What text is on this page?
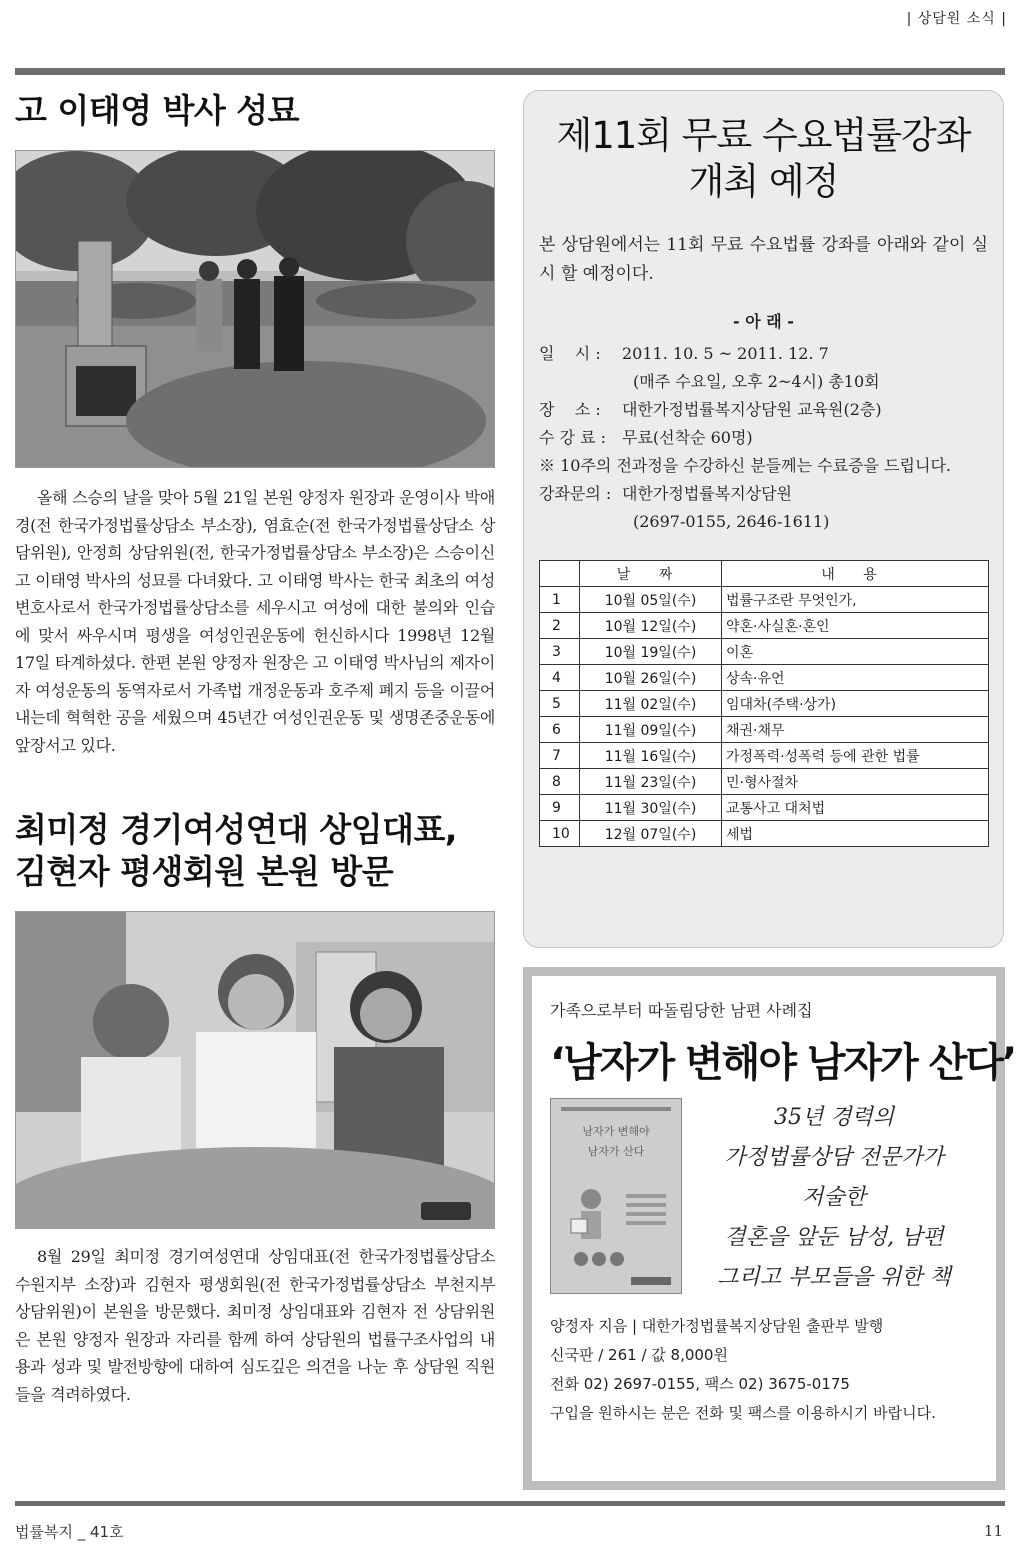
| 상담원 소식 |
고 이태영 박사 성묘

올해 스승의 날을 맞아 5월 21일 본원 양정자 원장과 운영이사 박애경(전 한국가정법률상담소 부소장), 염효순(전 한국가정법률상담소 상담위원), 안정희 상담위원(전, 한국가정법률상담소 부소장)은 스승이신 고 이태영 박사의 성묘를 다녀왔다. 고 이태영 박사는 한국 최초의 여성 변호사로서 한국가정법률상담소를 세우시고 여성에 대한 불의와 인습에 맞서 싸우시며 평생을 여성인권운동에 헌신하시다 1998년 12월 17일 타계하셨다. 한편 본원 양정자 원장은 고 이태영 박사님의 제자이자 여성운동의 동역자로서 가족법 개정운동과 호주제 폐지 등을 이끌어내는데 혁혁한 공을 세웠으며 45년간 여성인권운동 및 생명존중운동에 앞장서고 있다.

최미정 경기여성연대 상임대표, 김현자 평생회원 본원 방문

8월 29일 최미정 경기여성연대 상임대표(전 한국가정법률상담소 수원지부 소장)과 김현자 평생회원(전 한국가정법률상담소 부천지부 상담위원)이 본원을 방문했다. 최미정 상임대표와 김현자 전 상담위원은 본원 양정자 원장과 자리를 함께 하여 상담원의 법률구조사업의 내용과 성과 및 발전방향에 대하여 심도깊은 의견을 나눈 후 상담원 직원들을 격려하였다.

제11회 무료 수요법률강좌
개최 예정

본 상담원에서는 11회 무료 수요법률 강좌를 아래와 같이 실시 할 예정이다.

- 아 래 -
일    시 :	2011. 10. 5 ~ 2011. 12. 7
(매주 수요일, 오후 2~4시) 총10회
장    소 :	대한가정법률복지상담원 교육원(2층)
수 강 료 : 무료(선착순 60명)
※ 10주의 전과정을 수강하신 분들께는 수료증을 드립니다.
강좌문의 : 대한가정법률복지상담원
(2697-0155, 2646-1611)
	날 짜	내 용
1	10월 05일(수)	법률구조란 무엇인가,
2	10월 12일(수)	약혼·사실혼·혼인
3	10월 19일(수)	이혼
4	10월 26일(수)	상속·유언
5	11월 02일(수)	임대차(주택·상가)
6	11월 09일(수)	채권·채무
7	11월 16일(수)	가정폭력·성폭력 등에 관한 법률
8	11월 23일(수)	민·형사절차
9	11월 30일(수)	교통사고 대처법
10	12월 07일(수)	세법
가족으로부터 따돌림당한 남편 사례집
‘남자가 변해야 남자가 산다’
남자가 변해야
남자가 산다
35년 경력의
가정법률상담 전문가가
저술한
결혼을 앞둔 남성, 남편
그리고 부모들을 위한 책
양정자 지음 | 대한가정법률복지상담원 출판부 발행
신국판 / 261 / 값 8,000원
전화 02) 2697-0155, 팩스 02) 3675-0175
구입을 원하시는 분은 전화 및 팩스를 이용하시기 바랍니다.
법률복지 _ 41호	11
